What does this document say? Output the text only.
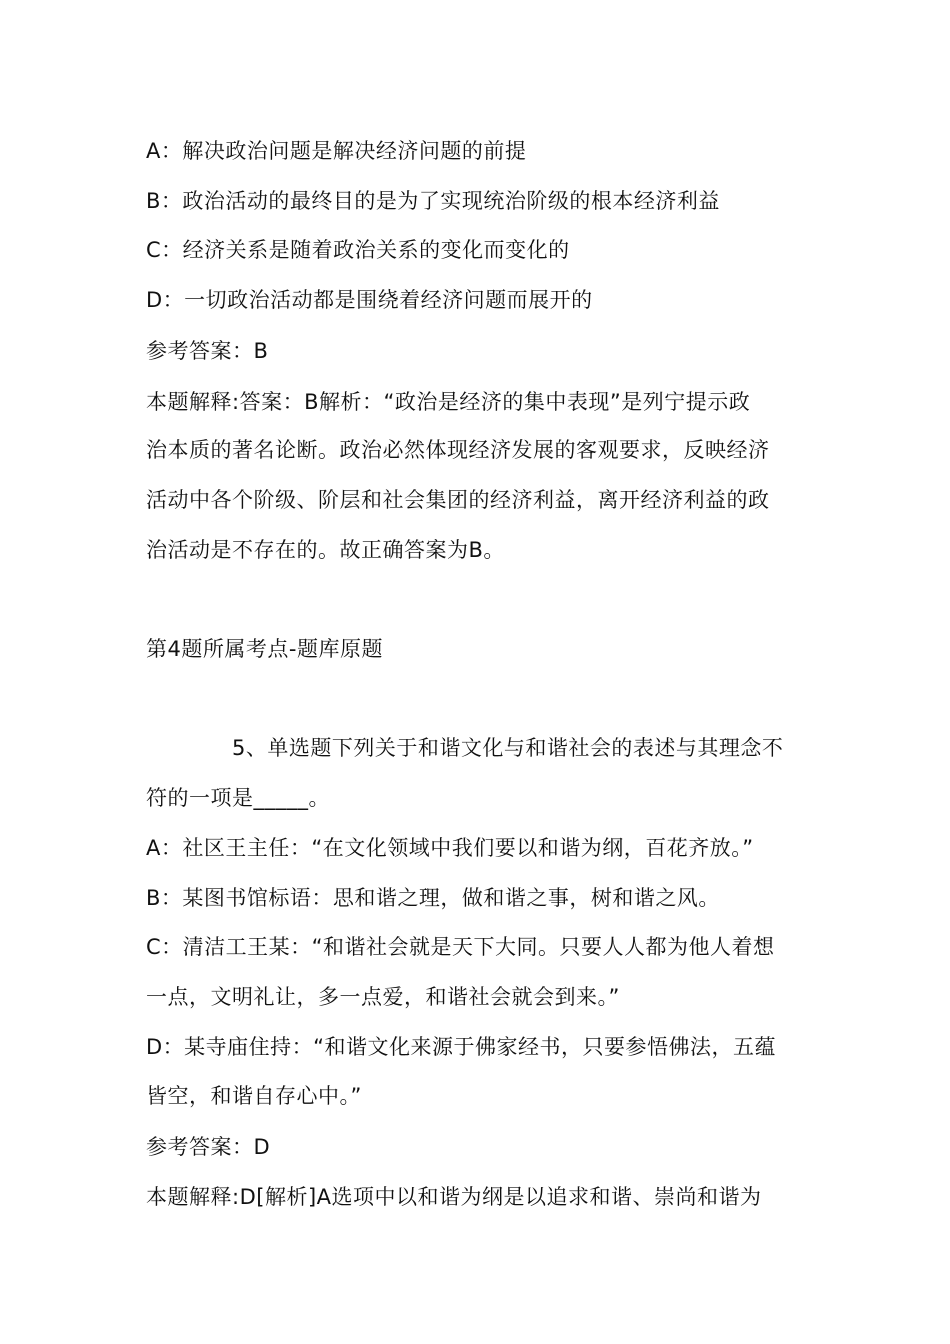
A：解决政治问题是解决经济问题的前提
B：政治活动的最终目的是为了实现统治阶级的根本经济利益
C：经济关系是随着政治关系的变化而变化的
D：一切政治活动都是围绕着经济问题而展开的
参考答案：B
本题解释:答案：B解析：“政治是经济的集中表现”是列宁提示政
治本质的著名论断。政治必然体现经济发展的客观要求，反映经济
活动中各个阶级、阶层和社会集团的经济利益，离开经济利益的政
治活动是不存在的。故正确答案为B。
第4题所属考点-题库原题
5、单选题下列关于和谐文化与和谐社会的表述与其理念不
符的一项是_____。
A：社区王主任：“在文化领域中我们要以和谐为纲，百花齐放。”
B：某图书馆标语：思和谐之理，做和谐之事，树和谐之风。
C：清洁工王某：“和谐社会就是天下大同。只要人人都为他人着想
一点，文明礼让，多一点爱，和谐社会就会到来。”
D：某寺庙住持：“和谐文化来源于佛家经书，只要参悟佛法，五蕴
皆空，和谐自存心中。”
参考答案：D
本题解释:D[解析]A选项中以和谐为纲是以追求和谐、崇尚和谐为
